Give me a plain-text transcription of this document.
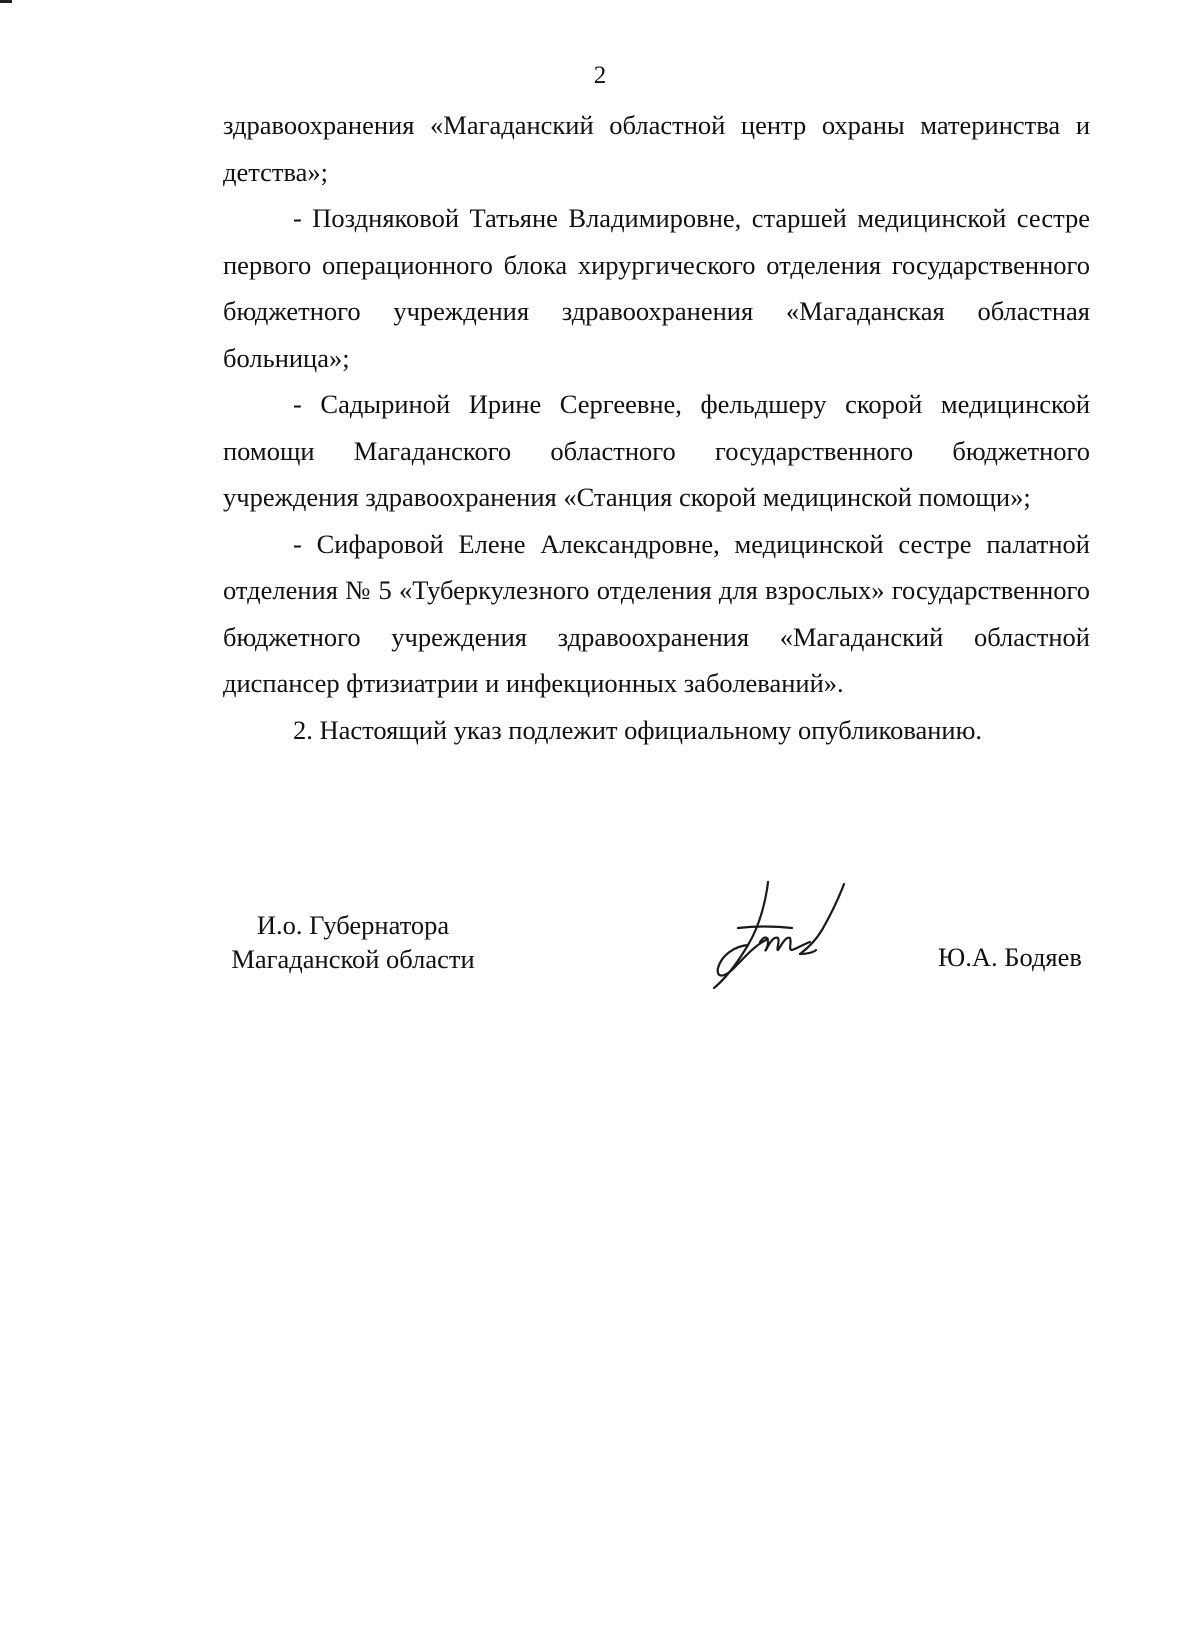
2

здравоохранения «Магаданский областной центр охраны материнства и детства»;

- Поздняковой Татьяне Владимировне, старшей медицинской сестре первого операционного блока хирургического отделения государственного бюджетного учреждения здравоохранения «Магаданская областная больница»;

- Садыриной Ирине Сергеевне, фельдшеру скорой медицинской помощи Магаданского областного государственного бюджетного учреждения здравоохранения «Станция скорой медицинской помощи»;

- Сифаровой Елене Александровне, медицинской сестре палатной отделения № 5 «Туберкулезного отделения для взрослых» государственного бюджетного учреждения здравоохранения «Магаданский областной диспансер фтизиатрии и инфекционных заболеваний».

2. Настоящий указ подлежит официальному опубликованию.

И.о. Губернатора
Магаданской области	Ю.А. Бодяев
